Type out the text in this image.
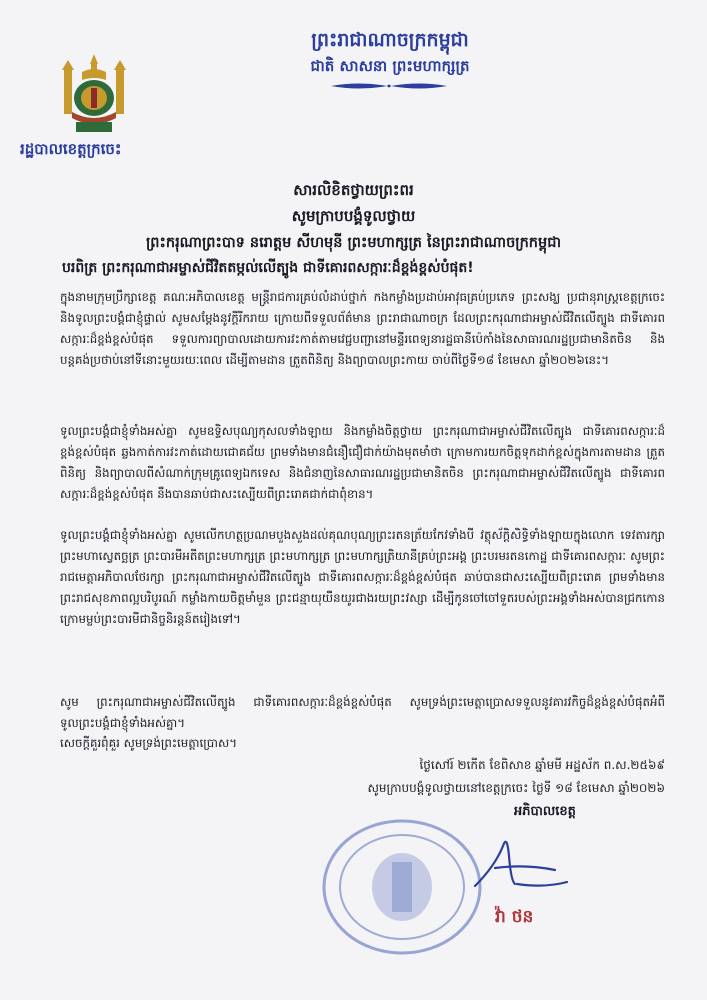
ព្រះរាជាណាចក្រកម្ពុជា
ជាតិ សាសនា ព្រះមហាក្សត្រ
រដ្ឋបាលខេត្តក្រចេះ
សារលិខិតថ្វាយព្រះពរ
សូមក្រាបបង្គំទូលថ្វាយ
ព្រះករុណាព្រះបាទ នរោត្តម សីហមុនី ព្រះមហាក្សត្រ នៃព្រះរាជាណាចក្រកម្ពុជា
បរពិត្រ ព្រះករុណាជាអម្ចាស់ជីវិតតម្កល់លើត្បូង ជាទីគោរពសក្ការៈដ៏ខ្ពង់ខ្ពស់បំផុត!
ក្នុងនាមក្រុមប្រឹក្សាខេត្ត គណៈអភិបាលខេត្ត មន្ត្រីរាជការគ្រប់លំដាប់ថ្នាក់ កងកម្លាំងប្រដាប់អាវុធគ្រប់ប្រភេទ ព្រះសង្ឃ ប្រជានុរាស្ត្រខេត្តក្រចេះ និងទូលព្រះបង្គំជាខ្ញុំផ្ទាល់ សូមសម្ដែងនូវក្ដីរីករាយ ក្រោយពីទទួលព័ត៌មាន ព្រះរាជាណាចក្រ ដែលព្រះករុណាជាអម្ចាស់ជីវិតលើត្បូង ជាទីគោរពសក្ការៈដ៏ខ្ពង់ខ្ពស់បំផុត ទទួលការព្យាបាលដោយការវះកាត់តាមវេជ្ជបញ្ជានៅមន្ទីរពេទ្យនារដ្ឋធានីប៉េកាំងនៃសាធារណរដ្ឋប្រជាមានិតចិន និងបន្តគង់ប្រថាប់នៅទីនោះមួយរយៈពេល ដើម្បីតាមដាន ត្រួតពិនិត្យ និងព្យាបាលព្រះកាយ ចាប់ពីថ្ងៃទី១៨ ខែមេសា ឆ្នាំ២០២៦នេះ។
ទូលព្រះបង្គំជាខ្ញុំទាំងអស់គ្នា សូមឧទ្ទិសបុណ្យកុសលទាំងឡាយ និងកម្លាំងចិត្តថ្វាយ ព្រះករុណាជាអម្ចាស់ជីវិតលើត្បូង ជាទីគោរពសក្ការៈដ៏ខ្ពង់ខ្ពស់បំផុត ឆ្លងកាត់ការវះកាត់ដោយជោគជ័យ ព្រមទាំងមានជំនឿជឿជាក់យ៉ាងមុតមាំថា ក្រោមការយកចិត្តទុកដាក់ខ្ពស់ក្នុងការតាមដាន ត្រួតពិនិត្យ និងព្យាបាលពីសំណាក់ក្រុមគ្រូពេទ្យឯកទេស និងជំនាញនៃសាធារណរដ្ឋប្រជាមានិតចិន ព្រះករុណាជាអម្ចាស់ជីវិតលើត្បូង ជាទីគោរពសក្ការៈដ៏ខ្ពង់ខ្ពស់បំផុត នឹងបានឆាប់ជាសះស្បើយពីព្រះរោគជាក់ជាពុំខាន។
ទូលព្រះបង្គំជាខ្ញុំទាំងអស់គ្នា សូមលើកហត្ថប្រណមបួងសួងដល់គុណបុណ្យព្រះរតនត្រ័យកែវទាំងបី វត្ថុស័ក្តិសិទ្ធិទាំងឡាយក្នុងលោក ទេវតារក្សាព្រះមហាស្វេតច្ឆត្រ ព្រះបារមីអតីតព្រះមហាក្សត្រ ព្រះមហាក្សត្រ ព្រះមហាក្សត្រិយានីគ្រប់ព្រះអង្គ ព្រះបរមរតនកោដ្ឋ ជាទីគោរពសក្ការៈ សូមព្រះរាជមេត្តាអភិបាលថែរក្សា ព្រះករុណាជាអម្ចាស់ជីវិតលើត្បូង ជាទីគោរពសក្ការៈដ៏ខ្ពង់ខ្ពស់បំផុត ឆាប់បានជាសះស្បើយពីព្រះរោគ ព្រមទាំងមានព្រះរាជសុខភាពល្អបរិបូរណ៍ កម្លាំងកាយចិត្តមាំមួន ព្រះជន្មាយុយឺនយូរជាងរយព្រះវស្សា ដើម្បីកូនចៅចៅទួតរបស់ព្រះអង្គទាំងអស់បានជ្រកកោនក្រោមម្លប់ព្រះបារមីជានិច្ចនិរន្តន៍តរៀងទៅ។
សូម ព្រះករុណាជាអម្ចាស់ជីវិតលើត្បូង ជាទីគោរពសក្ការៈដ៏ខ្ពង់ខ្ពស់បំផុត សូមទ្រង់ព្រះមេត្តាប្រោសទទួលនូវគារវកិច្ចដ៏ខ្ពង់ខ្ពស់បំផុតអំពីទូលព្រះបង្គំជាខ្ញុំទាំងអស់គ្នា។
សេចក្តីគួរពុំគួរ សូមទ្រង់ព្រះមេត្តាប្រោស។
ថ្ងៃសៅរ៍ ២កើត ខែពិសាខ ឆ្នាំមមី អដ្ឋស័ក ព.ស.២៥៦៩
សូមក្រាបបង្គំទូលថ្វាយនៅខេត្តក្រចេះ ថ្ងៃទី ១៨ ខែមេសា ឆ្នាំ២០២៦
អភិបាលខេត្ត
វ៉ា ថន
